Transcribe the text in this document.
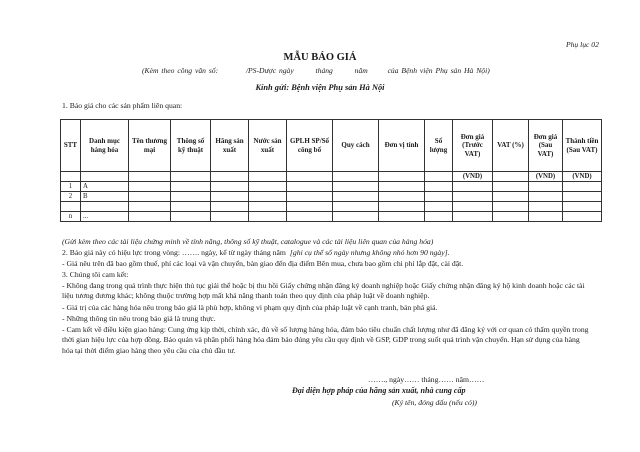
Phụ lục 02
MẪU BÁO GIÁ
(Kèm theo công văn số:	/PS-Dược ngày	tháng	năm	của Bệnh viện Phụ sản Hà Nội)
Kính gửi: Bệnh viện Phụ sản Hà Nội
1. Báo giá cho các sản phẩm liên quan:
STT	Danh mục hàng hóa	Tên thương mại	Thông số kỹ thuật	Hãng sản xuất	Nước sản xuất	GPLH SP/Số công bố	Quy cách	Đơn vị tính	Số lượng	Đơn giá (Trước VAT)	VAT (%)	Đơn giá (Sau VAT)	Thành tiền (Sau VAT)
										(VND)		(VND)	(VND)
1	A												
2	B												

n	...												
(Gửi kèm theo các tài liệu chứng minh về tính năng, thông số kỹ thuật, catalogue và các tài liệu liên quan của hàng hóa)
2. Báo giá này có hiệu lực trong vòng: ……. ngày, kể từ ngày tháng năm [ghi cụ thể số ngày nhưng không nhỏ hơn 90 ngày].
- Giá nêu trên đã bao gồm thuế, phí các loại và vận chuyển, bàn giao đến địa điểm Bên mua, chưa bao gồm chi phí lắp đặt, cài đặt.
3. Chúng tôi cam kết:
- Không đang trong quá trình thực hiện thủ tục giải thể hoặc bị thu hồi Giấy chứng nhận đăng ký doanh nghiệp hoặc Giấy chứng nhận đăng ký hộ kinh doanh hoặc các tài liệu tương đương khác; không thuộc trường hợp mất khả năng thanh toán theo quy định của pháp luật về doanh nghiệp.
- Giá trị của các hàng hóa nêu trong báo giá là phù hợp, không vi phạm quy định của pháp luật về cạnh tranh, bán phá giá.
- Những thông tin nêu trong báo giá là trung thực.
- Cam kết về điều kiện giao hàng: Cung ứng kịp thời, chính xác, đủ về số lượng hàng hóa, đảm bảo tiêu chuẩn chất lượng như đã đăng ký với cơ quan có thẩm quyền trong thời gian hiệu lực của hợp đồng. Bảo quản và phân phối hàng hóa đảm bảo đúng yêu cầu quy định về GSP, GDP trong suốt quá trình vận chuyển. Hạn sử dụng của hàng hóa tại thời điểm giao hàng theo yêu cầu của chủ đầu tư.
……., ngày…… tháng…… năm……
Đại diện hợp pháp của hãng sản xuất, nhà cung cấp
(Ký tên, đóng dấu (nếu có))
